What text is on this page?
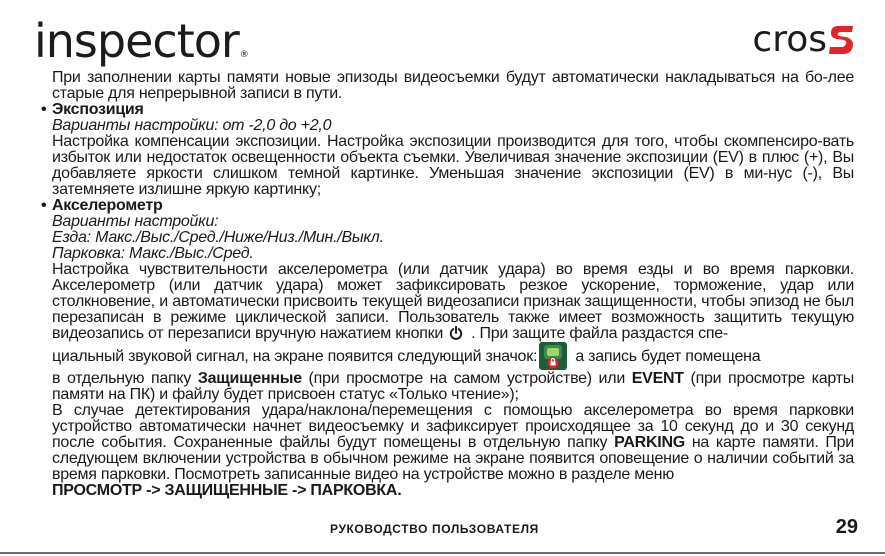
inspector®	cros

При заполнении карты памяти новые эпизоды видеосъемки будут автоматически накладываться на бо-лее старые для непрерывной записи в пути.

• Экспозиция

Варианты настройки: от -2,0 до +2,0

Настройка компенсации экспозиции. Настройка экспозиции производится для того, чтобы скомпенсиро-вать избыток или недостаток освещенности объекта съемки. Увеличивая значение экспозиции (EV) в плюс (+), Вы добавляете яркости слишком темной картинке. Уменьшая значение экспозиции (EV) в ми-нус (-), Вы затемняете излишне яркую картинку;

• Акселерометр

Варианты настройки:

Езда: Макс./Выс./Сред./Ниже/Низ./Мин./Выкл.

Парковка: Макс./Выс./Сред.

Настройка чувствительности акселерометра (или датчик удара) во время езды и во время парковки. Акселерометр (или датчик удара) может зафиксировать резкое ускорение, торможение, удар или столкновение, и автоматически присвоить текущей видеозаписи признак защищенности, чтобы эпизод не был перезаписан в режиме циклической записи. Пользователь также имеет возможность защитить текущую видеозапись от перезаписи вручную нажатием кнопки . При защите файла раздастся спе-

циальный звуковой сигнал, на экране появится следующий значок: а запись будет помещена

в отдельную папку Защищенные (при просмотре на самом устройстве) или EVENT (при просмотре карты памяти на ПК) и файлу будет присвоен статус «Только чтение»);

В случае детектирования удара/наклона/перемещения с помощью акселерометра во время парковки устройство автоматически начнет видеосъемку и зафиксирует происходящее за 10 секунд до и 30 секунд после события. Сохраненные файлы будут помещены в отдельную папку PARKING на карте памяти. При следующем включении устройства в обычном режиме на экране появится оповещение о наличии событий за время парковки. Посмотреть записанные видео на устройстве можно в разделе меню

ПРОСМОТР -> ЗАЩИЩЕННЫЕ -> ПАРКОВКА.

РУКОВОДСТВО ПОЛЬЗОВАТЕЛЯ	29
